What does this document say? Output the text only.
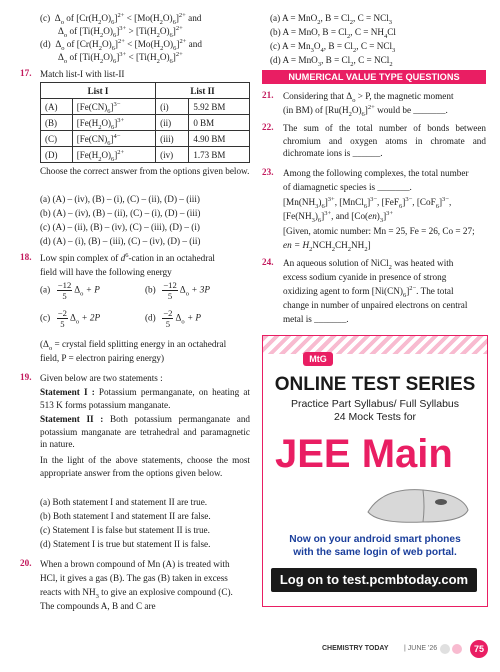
(c) $\Delta_o$ of $[Cr(H_2O)_6]^{2+} < [Mo(H_2O)_6]^{2+}$ and
$\Delta_o$ of $[Ti(H_2O)_6]^{3+} > [Ti(H_2O)_6]^{2+}$
(d) $\Delta_o$ of $[Cr(H_2O)_6]^{2+} < [Mo(H_2O)_6]^{2+}$ and
$\Delta_o$ of $[Ti(H_2O)_6]^{3+} < [Ti(H_2O)_6]^{2+}$
17. Match list-I with list-II
List I		List II	
(A)	$[Fe(CN)_6]^{3-}$	(i)	5.92 BM
(B)	$[Fe(H_2O)_6]^{3+}$	(ii)	0 BM
(C)	$[Fe(CN)_6]^{4-}$	(iii)	4.90 BM
(D)	$[Fe(H_2O)_6]^{2+}$	(iv)	1.73 BM
Choose the correct answer from the options given below.
(a) (A) – (iv), (B) – (i), (C) – (ii), (D) – (iii)
(b) (A) – (iv), (B) – (ii), (C) – (i), (D) – (iii)
(c) (A) – (ii), (B) – (iv), (C) – (iii), (D) – (i)
(d) (A) – (i), (B) – (iii), (C) – (iv), (D) – (ii)
18. Low spin complex of $d^6$-cation in an octahedral
field will have the following energy
$(a) \frac{-12}{5} \Delta_o + P$	$(b) \frac{-12}{5} \Delta_o + 3P$
$(c) \frac{-2}{5} \Delta_o + 2P$	$(d) \frac{-2}{5} \Delta_o + P$
($\Delta_o$ = crystal field splitting energy in an octahedral
field, P = electron pairing energy)
19. Given below are two statements :
Statement I : Potassium permanganate, on heating at 513 K forms potassium manganate.
Statement II : Both potassium permanganate and potassium manganate are tetrahedral and paramagnetic in nature.
In the light of the above statements, choose the most appropriate answer from the options given below.
(a) Both statement I and statement II are true.
(b) Both statement I and statement II are false.
(c) Statement I is false but statement II is true.
(d) Statement I is true but statement II is false.
20. When a brown compound of Mn (A) is treated with
HCl, it gives a gas (B). The gas (B) taken in excess
reacts with $NH_3$ to give an explosive compound (C).
The compounds A, B and C are
(a) A = MnO$_2$, $B = Cl_2$, C = NCl$_3$
(b) A = MnO, $B = Cl_2$, $C = NH_4Cl$
(c) $A = Mn_3O_4$, $B = Cl_2$, C = NCl$_3$
(d) A = MnO$_3$, $B = Cl_2$, C = NCl$_2$
NUMERICAL VALUE TYPE QUESTIONS
21. Considering that $\Delta_o > P$, the magnetic moment
(in BM) of $[Ru(H_2O)_6]^{2+}$ would be _______.
22. The sum of the total number of bonds between chromium and oxygen atoms in chromate and dichromate ions is ______.
23. Among the following complexes, the total number
of diamagnetic species is _______.
$[Mn(NH_3)_6]^{3+}$, [MnCl$_6$]$^{3-}$, $[FeF_6]^{3-}$, $[CoF_6]^{3-}$,
$[Fe(NH_3)_6]^{3+}$, and $[Co(en)_3]^{3+}$
[Given, atomic number: Mn = 25, Fe = 26, Co = 27;
en = $H_2NCH_2CH_2NH_2$]
24. An aqueous solution of NiCl$_2$ was heated with
excess sodium cyanide in presence of strong
oxidizing agent to form $[Ni(CN)_6]^{2-}$. The total
change in number of unpaired electrons on central
metal is _______.
MtG
ONLINE TEST SERIES
Practice Part Syllabus/ Full Syllabus
24 Mock Tests for
JEE Main
Now on your android smart phones
with the same login of web portal.
Log on to test.pcmbtoday.com
CHEMISTRY TODAY | JUNE '26	75
